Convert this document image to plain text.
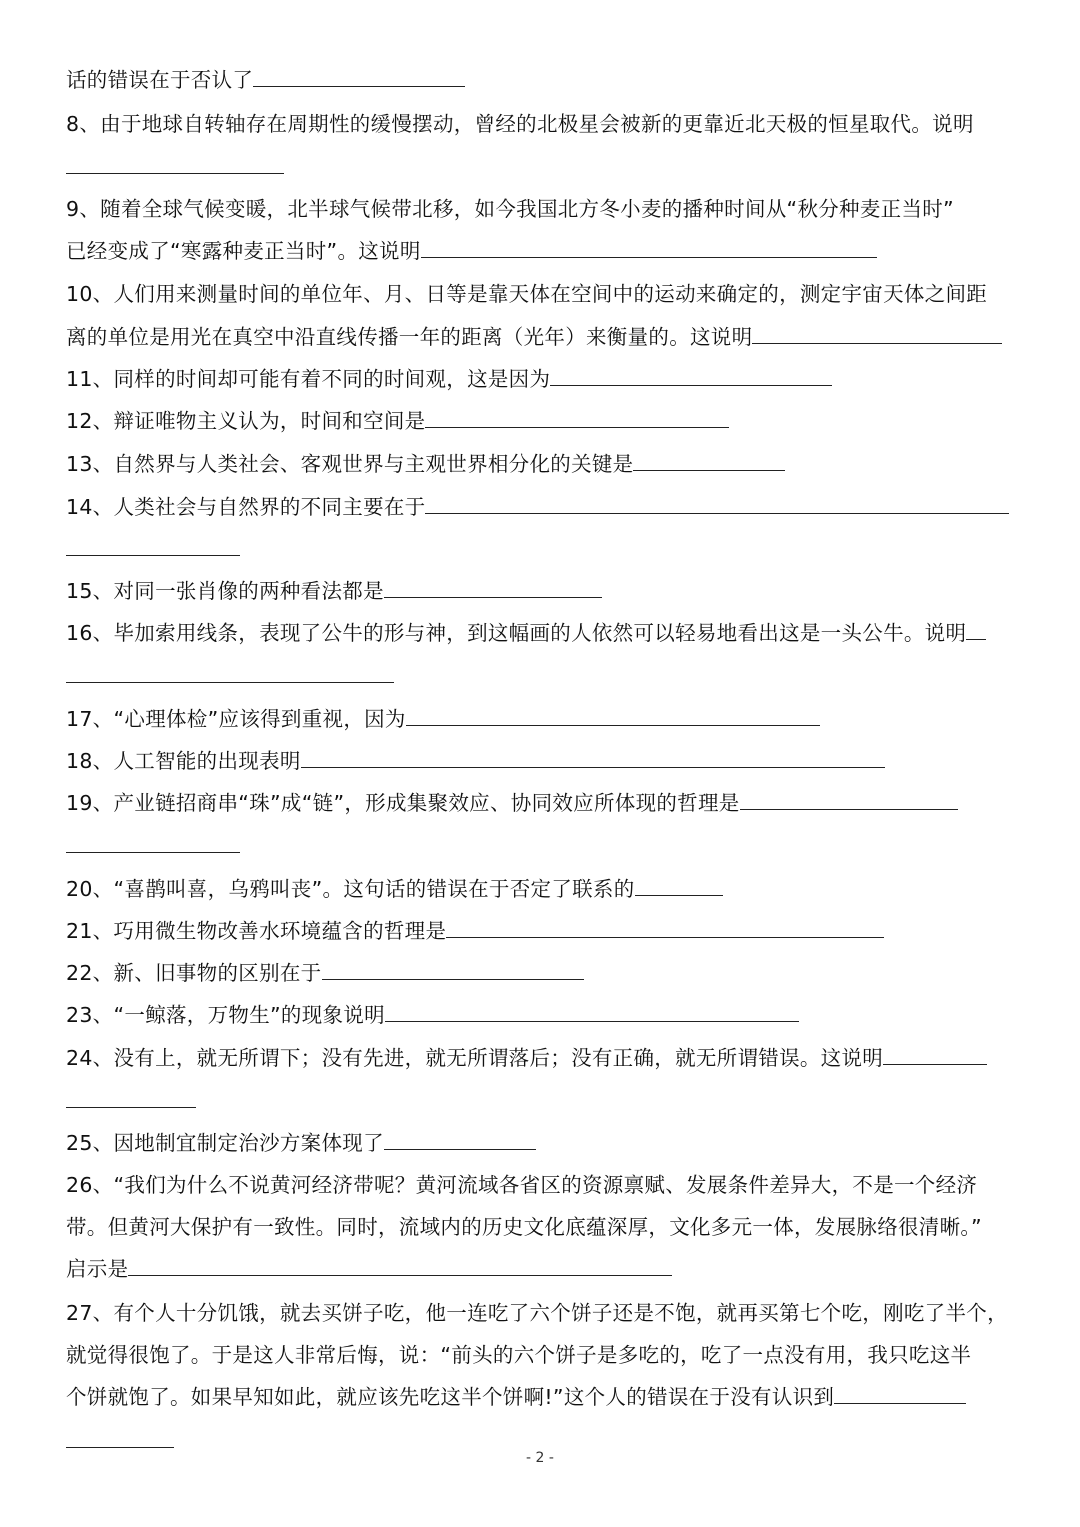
话的错误在于否认了
8、由于地球自转轴存在周期性的缓慢摆动，曾经的北极星会被新的更靠近北天极的恒星取代。说明
9、随着全球气候变暖，北半球气候带北移，如今我国北方冬小麦的播种时间从“秋分种麦正当时”
已经变成了“寒露种麦正当时”。这说明
10、人们用来测量时间的单位年、月、日等是靠天体在空间中的运动来确定的，测定宇宙天体之间距
离的单位是用光在真空中沿直线传播一年的距离（光年）来衡量的。这说明
11、同样的时间却可能有着不同的时间观，这是因为
12、辩证唯物主义认为，时间和空间是
13、自然界与人类社会、客观世界与主观世界相分化的关键是
14、人类社会与自然界的不同主要在于
15、对同一张肖像的两种看法都是
16、毕加索用线条，表现了公牛的形与神，到这幅画的人依然可以轻易地看出这是一头公牛。说明
17、“心理体检”应该得到重视，因为
18、人工智能的出现表明
19、产业链招商串“珠”成“链”，形成集聚效应、协同效应所体现的哲理是
20、“喜鹊叫喜，乌鸦叫丧”。这句话的错误在于否定了联系的
21、巧用微生物改善水环境蕴含的哲理是
22、新、旧事物的区别在于
23、“一鲸落，万物生”的现象说明
24、没有上，就无所谓下；没有先进，就无所谓落后；没有正确，就无所谓错误。这说明
25、因地制宜制定治沙方案体现了
26、“我们为什么不说黄河经济带呢？黄河流域各省区的资源禀赋、发展条件差异大，不是一个经济
带。但黄河大保护有一致性。同时，流域内的历史文化底蕴深厚，文化多元一体，发展脉络很清晰。”
启示是
27、有个人十分饥饿，就去买饼子吃，他一连吃了六个饼子还是不饱，就再买第七个吃，刚吃了半个，
就觉得很饱了。于是这人非常后悔，说：“前头的六个饼子是多吃的，吃了一点没有用，我只吃这半
个饼就饱了。如果早知如此，就应该先吃这半个饼啊!”这个人的错误在于没有认识到
- 2 -
